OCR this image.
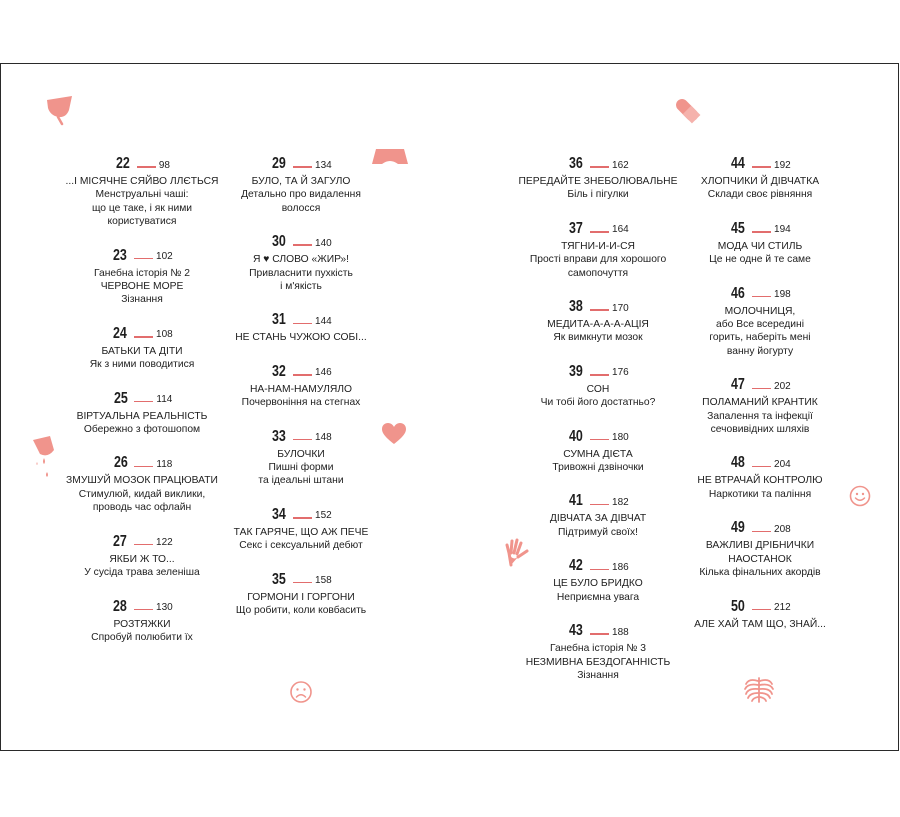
22	98
...І МІСЯЧНЕ СЯЙВО ЛЛЄТЬСЯ
Менструальні чаші:
що це таке, і як ними
користуватися
23	102
Ганебна історія № 2
ЧЕРВОНЕ МОРЕ
Зізнання
24	108
БАТЬКИ ТА ДІТИ
Як з ними поводитися
25	114
ВІРТУАЛЬНА РЕАЛЬНІСТЬ
Обережно з фотошопом
26	118
ЗМУШУЙ МОЗОК ПРАЦЮВАТИ
Стимулюй, кидай виклики,
проводь час офлайн
27	122
ЯКБИ Ж ТО...
У сусіда трава зеленіша
28	130
РОЗТЯЖКИ
Спробуй полюбити їх
29	134
БУЛО, ТА Й ЗАГУЛО
Детально про видалення
волосся
30	140
Я ♥ СЛОВО «ЖИР»!
Привласнити пухкість
і м'якість
31	144
НЕ СТАНЬ ЧУЖОЮ СОБІ...
32	146
НА-НАМ-НАМУЛЯЛО
Почервоніння на стегнах
33	148
БУЛОЧКИ
Пишні форми
та ідеальні штани
34	152
ТАК ГАРЯЧЕ, ЩО АЖ ПЕЧЕ
Секс і сексуальний дебют
35	158
ГОРМОНИ І ГОРГОНИ
Що робити, коли ковбасить
36	162
ПЕРЕДАЙТЕ ЗНЕБОЛЮВАЛЬНЕ
Біль і пігулки
37	164
ТЯГНИ-И-И-СЯ
Прості вправи для хорошого
самопочуття
38	170
МЕДИТА-А-А-А-АЦІЯ
Як вимкнути мозок
39	176
СОН
Чи тобі його достатньо?
40	180
СУМНА ДІЄТА
Тривожні дзвіночки
41	182
ДІВЧАТА ЗА ДІВЧАТ
Підтримуй своїх!
42	186
ЦЕ БУЛО БРИДКО
Неприємна увага
43	188
Ганебна історія № 3
НЕЗМИВНА БЕЗДОГАННІСТЬ
Зізнання
44	192
ХЛОПЧИКИ Й ДІВЧАТКА
Склади своє рівняння
45	194
МОДА ЧИ СТИЛЬ
Це не одне й те саме
46	198
МОЛОЧНИЦЯ,
або Все всередині
горить, наберіть мені
ванну йогурту
47	202
ПОЛАМАНИЙ КРАНТИК
Запалення та інфекції
сечовивідних шляхів
48	204
НЕ ВТРАЧАЙ КОНТРОЛЮ
Наркотики та паління
49	208
ВАЖЛИВІ ДРІБНИЧКИ
НАОСТАНОК
Кілька фінальних акордів
50	212
АЛЕ ХАЙ ТАМ ЩО, ЗНАЙ...
